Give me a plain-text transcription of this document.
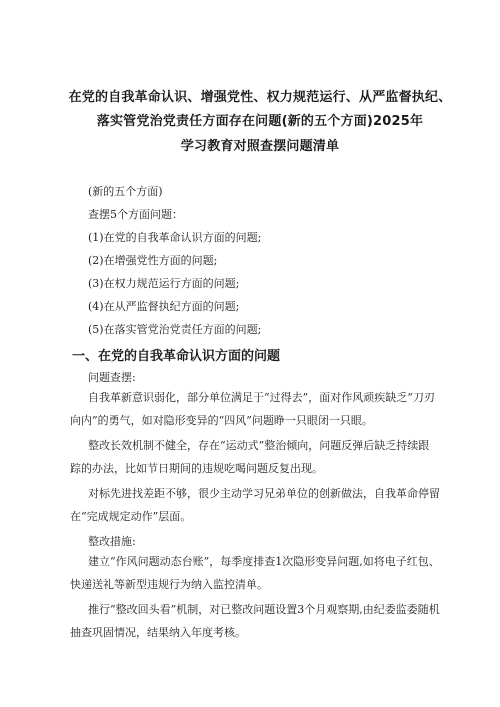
在党的自我革命认识、增强党性、权力规范运行、从严监督执纪、
落实管党治党责任方面存在问题(新的五个方面)2025年
学习教育对照查摆问题清单
(新的五个方面)
查摆5个方面问题：
(1)在党的自我革命认识方面的问题;
(2)在增强党性方面的问题;
(3)在权力规范运行方面的问题;
(4)在从严监督执纪方面的问题;
(5)在落实管党治党责任方面的问题;
一、在党的自我革命认识方面的问题
问题查摆:
自我革新意识弱化，部分单位满足于“过得去”，面对作风顽疾缺乏“刀刃向内”的勇气，如对隐形变异的“四风”问题睁一只眼闭一只眼。
整改长效机制不健全，存在“运动式”整治倾向，问题反弹后缺乏持续跟踪的办法，比如节日期间的违规吃喝问题反复出现。
对标先进找差距不够，很少主动学习兄弟单位的创新做法，自我革命停留在“完成规定动作”层面。
整改措施:
建立“作风问题动态台账”，每季度排查1次隐形变异问题,如将电子红包、快递送礼等新型违规行为纳入监控清单。
推行“整改回头看”机制，对已整改问题设置3个月观察期,由纪委监委随机抽查巩固情况，结果纳入年度考核。
